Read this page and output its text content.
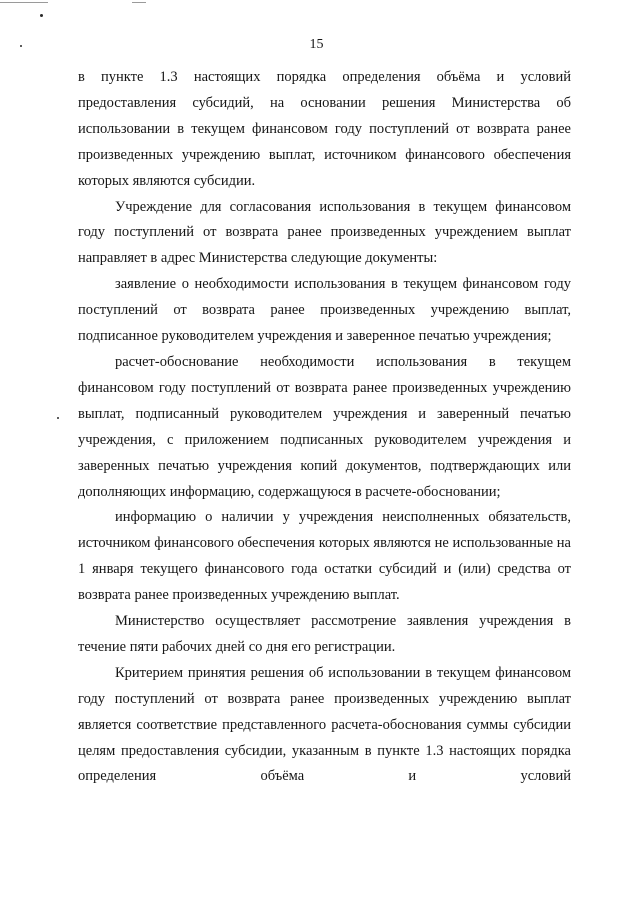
15

в пункте 1.3 настоящих порядка определения объёма и условий предоставления субсидий, на основании решения Министерства об использовании в текущем финансовом году поступлений от возврата ранее произведенных учреждению выплат, источником финансового обеспечения которых являются субсидии.

Учреждение для согласования использования в текущем финансовом году поступлений от возврата ранее произведенных учреждением выплат направляет в адрес Министерства следующие документы:

заявление о необходимости использования в текущем финансовом году поступлений от возврата ранее произведенных учреждению выплат, подписанное руководителем учреждения и заверенное печатью учреждения;

расчет-обоснование необходимости использования в текущем финансовом году поступлений от возврата ранее произведенных учреждению выплат, подписанный руководителем учреждения и заверенный печатью учреждения, с приложением подписанных руководителем учреждения и заверенных печатью учреждения копий документов, подтверждающих или дополняющих информацию, содержащуюся в расчете-обосновании;

информацию о наличии у учреждения неисполненных обязательств, источником финансового обеспечения которых являются не использованные на 1 января текущего финансового года остатки субсидий и (или) средства от возврата ранее произведенных учреждению выплат.

Министерство осуществляет рассмотрение заявления учреждения в течение пяти рабочих дней со дня его регистрации.

Критерием принятия решения об использовании в текущем финансовом году поступлений от возврата ранее произведенных учреждению выплат является соответствие представленного расчета-обоснования суммы субсидии целям предоставления субсидии, указанным в пункте 1.3 настоящих порядка определения объёма и условий
